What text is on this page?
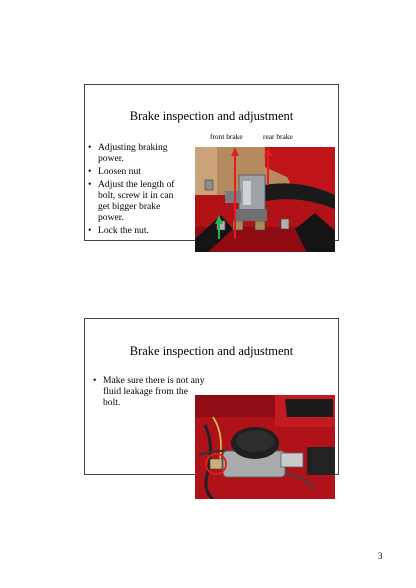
Brake inspection and adjustment
• Adjusting braking power.
• Loosen nut
• Adjust the length of bolt, screw it in can get bigger brake power.
• Lock the nut.
front brake	rear brake
Brake inspection and adjustment
• Make sure there is not any fluid leakage from the bolt.
3
